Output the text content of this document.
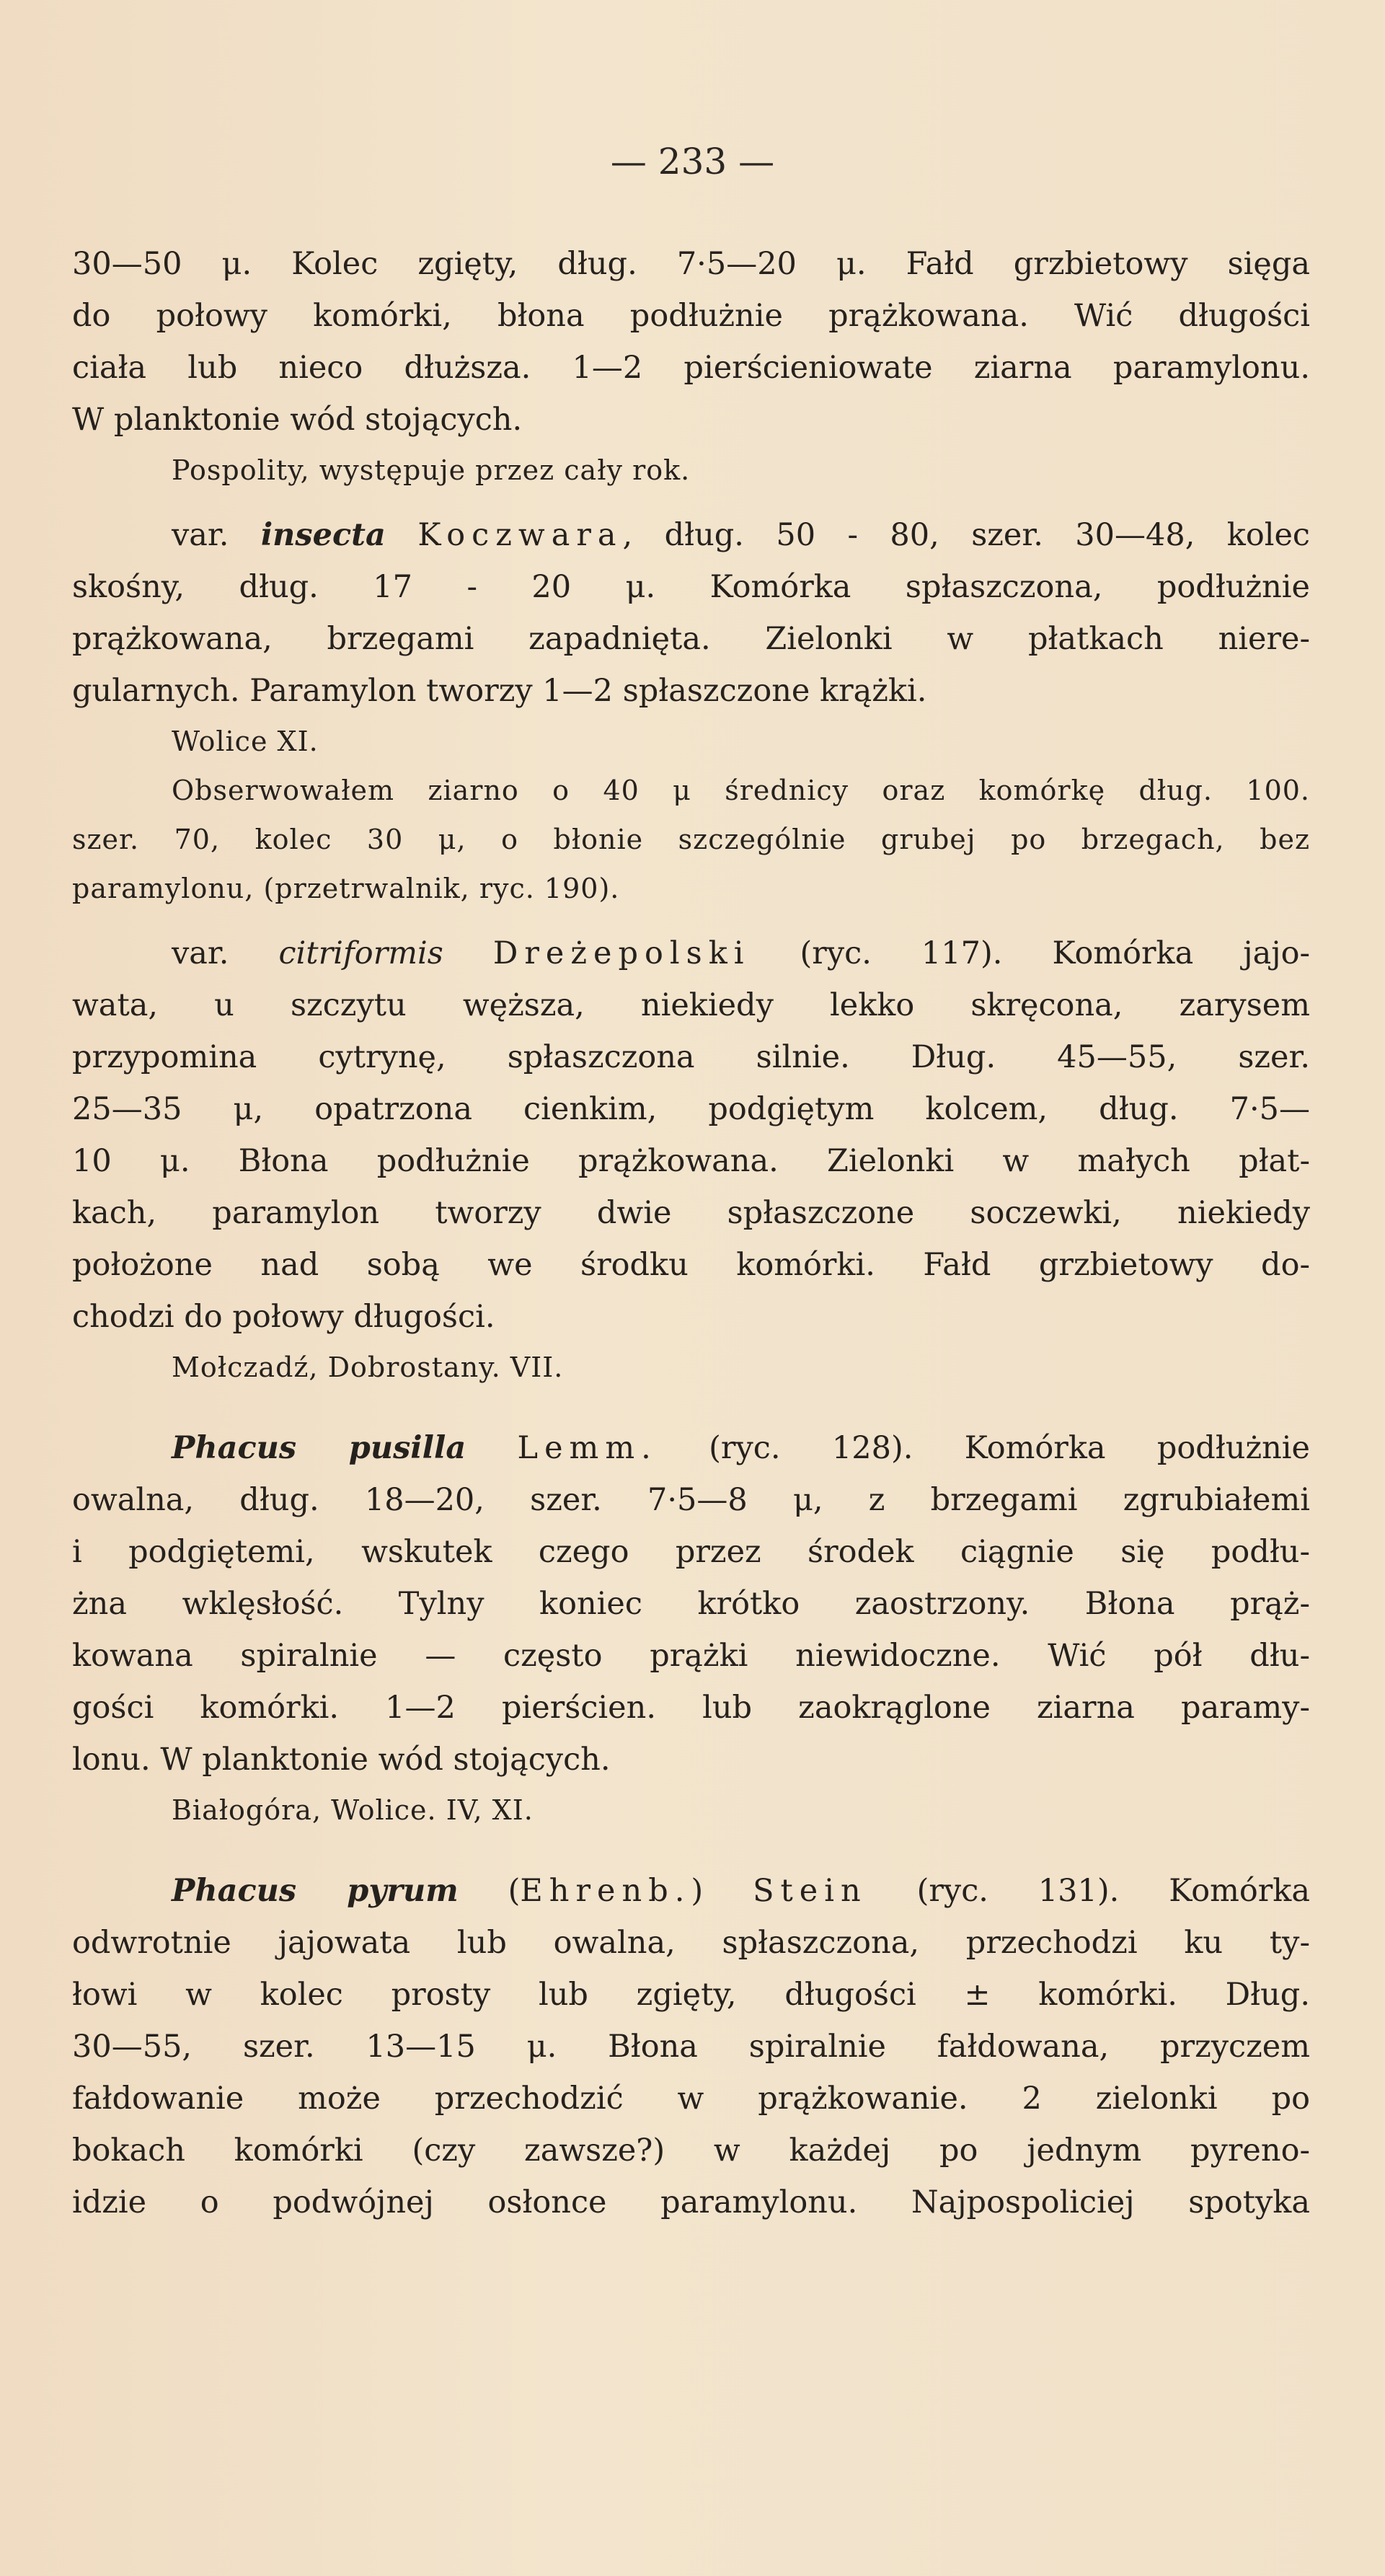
— 233 —
30—50 μ. Kolec zgięty, dług. 7·5—20 μ. Fałd grzbietowy sięga
do połowy komórki, błona podłużnie prążkowana. Wić długości
ciała lub nieco dłuższa. 1—2 pierścieniowate ziarna paramylonu.
W planktonie wód stojących.
Pospolity, występuje przez cały rok.
var. insecta Koczwara, dług. 50 - 80, szer. 30—48, kolec
skośny, dług. 17 - 20 μ. Komórka spłaszczona, podłużnie
prążkowana, brzegami zapadnięta. Zielonki w płatkach niere-
gularnych. Paramylon tworzy 1—2 spłaszczone krążki.
Wolice XI.
Obserwowałem ziarno o 40 μ średnicy oraz komórkę dług. 100.
szer. 70, kolec 30 μ, o błonie szczególnie grubej po brzegach, bez
paramylonu, (przetrwalnik, ryc. 190).
var. citriformis Dreżepolski (ryc. 117). Komórka jajo-
wata, u szczytu węższa, niekiedy lekko skręcona, zarysem
przypomina cytrynę, spłaszczona silnie. Dług. 45—55, szer.
25—35 μ, opatrzona cienkim, podgiętym kolcem, dług. 7·5—
10 μ. Błona podłużnie prążkowana. Zielonki w małych płat-
kach, paramylon tworzy dwie spłaszczone soczewki, niekiedy
położone nad sobą we środku komórki. Fałd grzbietowy do-
chodzi do połowy długości.
Mołczadź, Dobrostany. VII.
Phacus pusilla Lemm. (ryc. 128). Komórka podłużnie
owalna, dług. 18—20, szer. 7·5—8 μ, z brzegami zgrubiałemi
i podgiętemi, wskutek czego przez środek ciągnie się podłu-
żna wklęsłość. Tylny koniec krótko zaostrzony. Błona prąż-
kowana spiralnie — często prążki niewidoczne. Wić pół dłu-
gości komórki. 1—2 pierścien. lub zaokrąglone ziarna paramy-
lonu. W planktonie wód stojących.
Białogóra, Wolice. IV, XI.
Phacus pyrum (Ehrenb.) Stein (ryc. 131). Komórka
odwrotnie jajowata lub owalna, spłaszczona, przechodzi ku ty-
łowi w kolec prosty lub zgięty, długości ± komórki. Dług.
30—55, szer. 13—15 μ. Błona spiralnie fałdowana, przyczem
fałdowanie może przechodzić w prążkowanie. 2 zielonki po
bokach komórki (czy zawsze?) w każdej po jednym pyreno-
idzie o podwójnej osłonce paramylonu. Najpospoliciej spotyka
